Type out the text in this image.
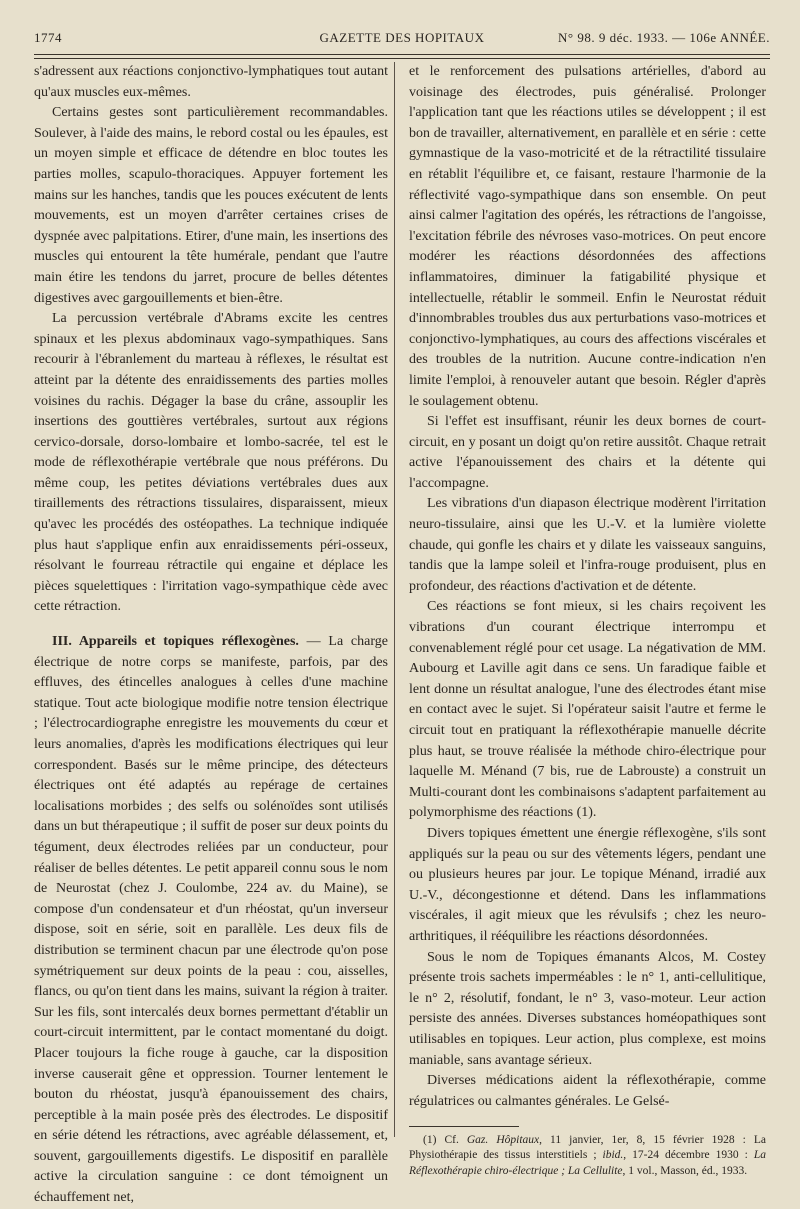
1774	GAZETTE DES HOPITAUX	N° 98. 9 déc. 1933. — 106e ANNÉE.

s'adressent aux réactions conjonctivo-lymphatiques tout autant qu'aux muscles eux-mêmes.

Certains gestes sont particulièrement recommandables. Soulever, à l'aide des mains, le rebord costal ou les épaules, est un moyen simple et efficace de détendre en bloc toutes les parties molles, scapulo-thoraciques. Appuyer fortement les mains sur les hanches, tandis que les pouces exécutent de lents mouvements, est un moyen d'arrêter certaines crises de dyspnée avec palpitations. Etirer, d'une main, les insertions des muscles qui entourent la tête humérale, pendant que l'autre main étire les tendons du jarret, procure de belles détentes digestives avec gargouillements et bien-être.

La percussion vertébrale d'Abrams excite les centres spinaux et les plexus abdominaux vago-sympathiques. Sans recourir à l'ébranlement du marteau à réflexes, le résultat est atteint par la détente des enraidissements des parties molles voisines du rachis. Dégager la base du crâne, assouplir les insertions des gouttières vertébrales, surtout aux régions cervico-dorsale, dorso-lombaire et lombo-sacrée, tel est le mode de réflexothérapie vertébrale que nous préférons. Du même coup, les petites déviations vertébrales dues aux tiraillements des rétractions tissulaires, disparaissent, mieux qu'avec les procédés des ostéopathes. La technique indiquée plus haut s'applique enfin aux enraidissements péri-osseux, résolvant le fourreau rétractile qui engaine et déplace les pièces squelettiques : l'irritation vago-sympathique cède avec cette rétraction.

III. Appareils et topiques réflexogènes. — La charge électrique de notre corps se manifeste, parfois, par des effluves, des étincelles analogues à celles d'une machine statique. Tout acte biologique modifie notre tension électrique ; l'électrocardiographe enregistre les mouvements du cœur et leurs anomalies, d'après les modifications électriques qui leur correspondent. Basés sur le même principe, des détecteurs électriques ont été adaptés au repérage de certaines localisations morbides ; des selfs ou solénoïdes sont utilisés dans un but thérapeutique ; il suffit de poser sur deux points du tégument, deux électrodes reliées par un conducteur, pour réaliser de belles détentes. Le petit appareil connu sous le nom de Neurostat (chez J. Coulombe, 224 av. du Maine), se compose d'un condensateur et d'un rhéostat, qu'un inverseur dispose, soit en série, soit en parallèle. Les deux fils de distribution se terminent chacun par une électrode qu'on pose symétriquement sur deux points de la peau : cou, aisselles, flancs, ou qu'on tient dans les mains, suivant la région à traiter. Sur les fils, sont intercalés deux bornes permettant d'établir un court-circuit intermittent, par le contact momentané du doigt. Placer toujours la fiche rouge à gauche, car la disposition inverse causerait gêne et oppression. Tourner lentement le bouton du rhéostat, jusqu'à épanouissement des chairs, perceptible à la main posée près des électrodes. Le dispositif en série détend les rétractions, avec agréable délassement, et, souvent, gargouillements digestifs. Le dispositif en parallèle active la circulation sanguine : ce dont témoignent un échauffement net,

et le renforcement des pulsations artérielles, d'abord au voisinage des électrodes, puis généralisé. Prolonger l'application tant que les réactions utiles se développent ; il est bon de travailler, alternativement, en parallèle et en série : cette gymnastique de la vaso-motricité et de la rétractilité tissulaire en rétablit l'équilibre et, ce faisant, restaure l'harmonie de la réflectivité vago-sympathique dans son ensemble. On peut ainsi calmer l'agitation des opérés, les rétractions de l'angoisse, l'excitation fébrile des névroses vaso-motrices. On peut encore modérer les réactions désordonnées des affections inflammatoires, diminuer la fatigabilité physique et intellectuelle, rétablir le sommeil. Enfin le Neurostat réduit d'innombrables troubles dus aux perturbations vaso-motrices et conjonctivo-lymphatiques, au cours des affections viscérales et des troubles de la nutrition. Aucune contre-indication n'en limite l'emploi, à renouveler autant que besoin. Régler d'après le soulagement obtenu.

Si l'effet est insuffisant, réunir les deux bornes de court-circuit, en y posant un doigt qu'on retire aussitôt. Chaque retrait active l'épanouissement des chairs et la détente qui l'accompagne.

Les vibrations d'un diapason électrique modèrent l'irritation neuro-tissulaire, ainsi que les U.-V. et la lumière violette chaude, qui gonfle les chairs et y dilate les vaisseaux sanguins, tandis que la lampe soleil et l'infra-rouge produisent, plus en profondeur, des réactions d'activation et de détente.

Ces réactions se font mieux, si les chairs reçoivent les vibrations d'un courant électrique interrompu et convenablement réglé pour cet usage. La négativation de MM. Aubourg et Laville agit dans ce sens. Un faradique faible et lent donne un résultat analogue, l'une des électrodes étant mise en contact avec le sujet. Si l'opérateur saisit l'autre et ferme le circuit tout en pratiquant la réflexothérapie manuelle décrite plus haut, se trouve réalisée la méthode chiro-électrique pour laquelle M. Ménand (7 bis, rue de Labrouste) a construit un Multi-courant dont les combinaisons s'adaptent parfaitement au polymorphisme des réactions (1).

Divers topiques émettent une énergie réflexogène, s'ils sont appliqués sur la peau ou sur des vêtements légers, pendant une ou plusieurs heures par jour. Le topique Ménand, irradié aux U.-V., décongestionne et détend. Dans les inflammations viscérales, il agit mieux que les révulsifs ; chez les neuro-arthritiques, il rééquilibre les réactions désordonnées.

Sous le nom de Topiques émanants Alcos, M. Costey présente trois sachets imperméables : le n° 1, anti-cellulitique, le n° 2, résolutif, fondant, le n° 3, vaso-moteur. Leur action persiste des années. Diverses substances homéopathiques sont utilisables en topiques. Leur action, plus complexe, est moins maniable, sans avantage sérieux.

Diverses médications aident la réflexothérapie, comme régulatrices ou calmantes générales. Le Gelsé-

(1) Cf. Gaz. Hôpitaux, 11 janvier, 1er, 8, 15 février 1928 : La Physiothérapie des tissus interstitiels ; ibid., 17-24 décembre 1930 : La Réflexothérapie chiro-électrique ; La Cellulite, 1 vol., Masson, éd., 1933.
